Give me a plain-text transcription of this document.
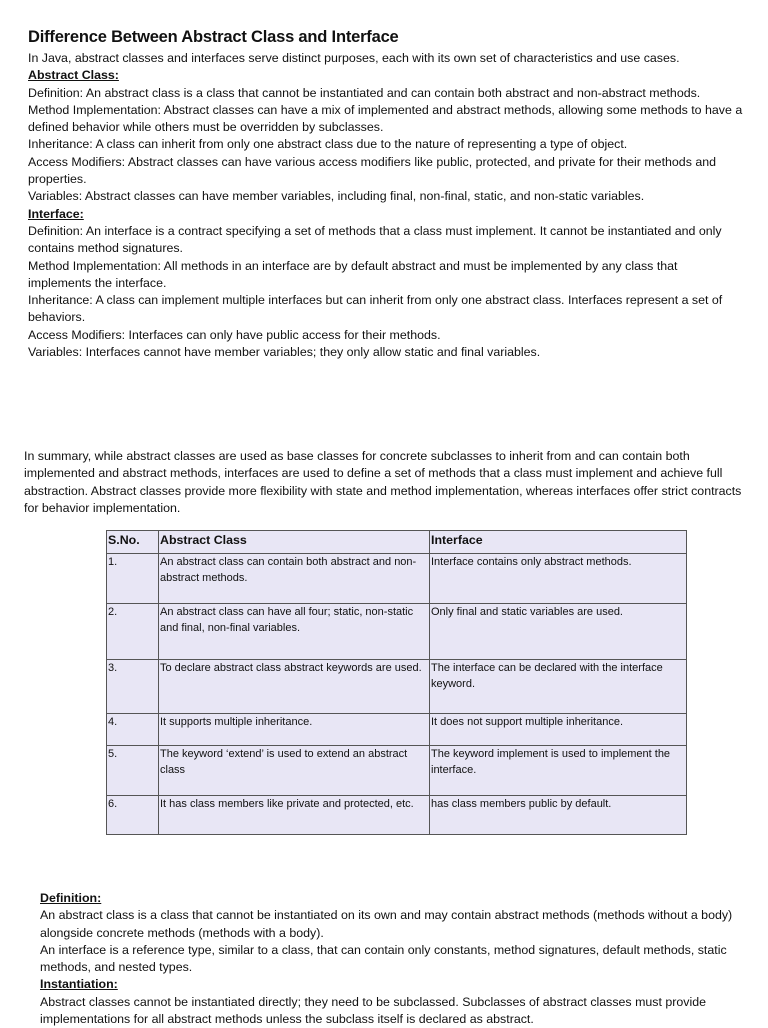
Difference Between Abstract Class and Interface

In Java, abstract classes and interfaces serve distinct purposes, each with its own set of characteristics and use cases.

Abstract Class:

Definition: An abstract class is a class that cannot be instantiated and can contain both abstract and non-abstract methods.

Method Implementation: Abstract classes can have a mix of implemented and abstract methods, allowing some methods to have a defined behavior while others must be overridden by subclasses.

Inheritance: A class can inherit from only one abstract class due to the nature of representing a type of object.

Access Modifiers: Abstract classes can have various access modifiers like public, protected, and private for their methods and properties.

Variables: Abstract classes can have member variables, including final, non-final, static, and non-static variables.

Interface:

Definition: An interface is a contract specifying a set of methods that a class must implement. It cannot be instantiated and only contains method signatures.

Method Implementation: All methods in an interface are by default abstract and must be implemented by any class that implements the interface.

Inheritance: A class can implement multiple interfaces but can inherit from only one abstract class. Interfaces represent a set of behaviors.

Access Modifiers: Interfaces can only have public access for their methods.

Variables: Interfaces cannot have member variables; they only allow static and final variables.

In summary, while abstract classes are used as base classes for concrete subclasses to inherit from and can contain both implemented and abstract methods, interfaces are used to define a set of methods that a class must implement and achieve full abstraction. Abstract classes provide more flexibility with state and method implementation, whereas interfaces offer strict contracts for behavior implementation.

S.No.	Abstract Class	Interface
1.	An abstract class can contain both abstract and non-abstract methods.	Interface contains only abstract methods.
2.	An abstract class can have all four; static, non-static and final, non-final variables.	Only final and static variables are used.
3.	To declare abstract class abstract keywords are used.	The interface can be declared with the interface keyword.
4.	It supports multiple inheritance.	It does not support multiple inheritance.
5.	The keyword ‘extend’ is used to extend an abstract class	The keyword implement is used to implement the interface.
6.	It has class members like private and protected, etc.	has class members public by default.

Definition:

An abstract class is a class that cannot be instantiated on its own and may contain abstract methods (methods without a body) alongside concrete methods (methods with a body).

An interface is a reference type, similar to a class, that can contain only constants, method signatures, default methods, static methods, and nested types.

Instantiation:

Abstract classes cannot be instantiated directly; they need to be subclassed. Subclasses of abstract classes must provide implementations for all abstract methods unless the subclass itself is declared as abstract.
